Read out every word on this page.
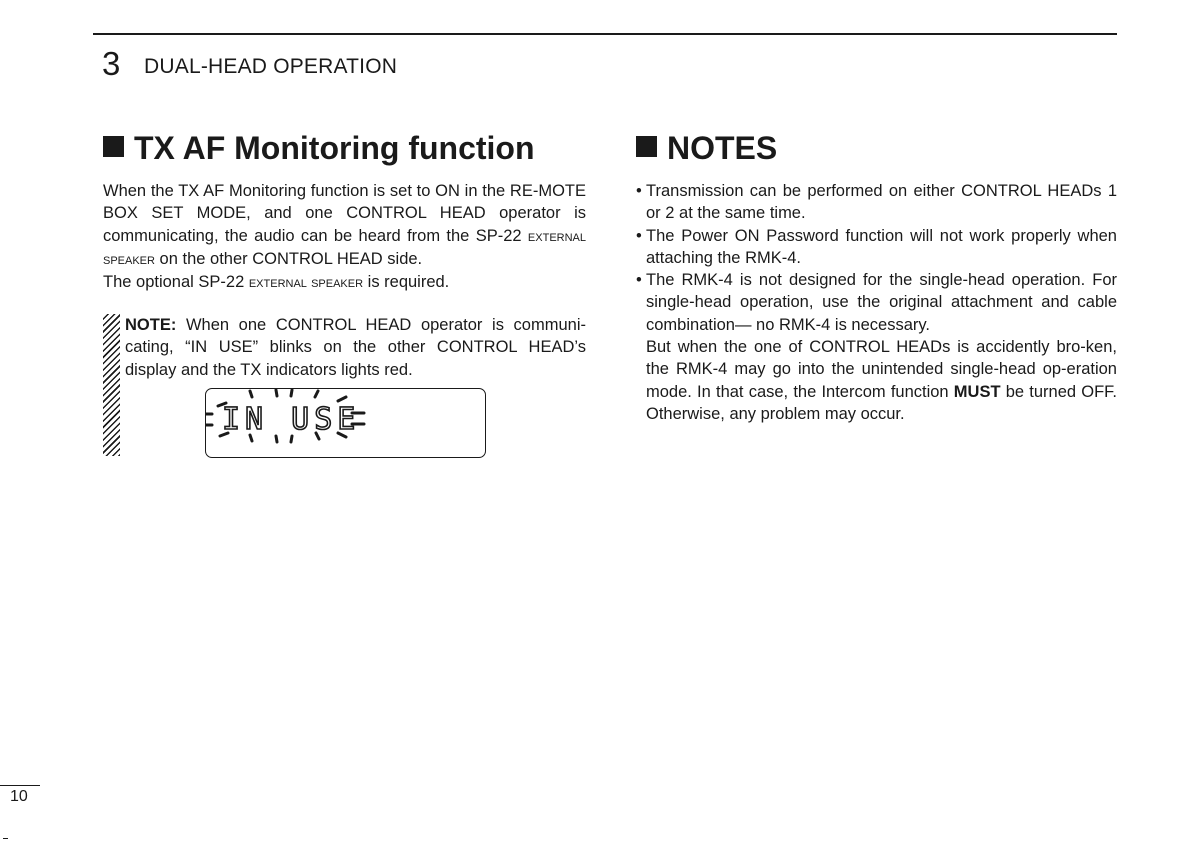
3 DUAL-HEAD OPERATION
TX AF Monitoring function

When the TX AF Monitoring function is set to ON in the RE-MOTE BOX SET MODE, and one CONTROL HEAD operator is communicating, the audio can be heard from the SP-22 external speaker on the other CONTROL HEAD side.

The optional SP-22 external speaker is required.

NOTE: When one CONTROL HEAD operator is communi-cating, “IN USE” blinks on the other CONTROL HEAD’s display and the TX indicators lights red.

IN USE
NOTES

• Transmission can be performed on either CONTROL HEADs 1 or 2 at the same time.

• The Power ON Password function will not work properly when attaching the RMK-4.

• The RMK-4 is not designed for the single-head operation. For single-head operation, use the original attachment and cable combination— no RMK-4 is necessary.

But when the one of CONTROL HEADs is accidently bro-ken, the RMK-4 may go into the unintended single-head op-eration mode. In that case, the Intercom function MUST be turned OFF. Otherwise, any problem may occur.

10
